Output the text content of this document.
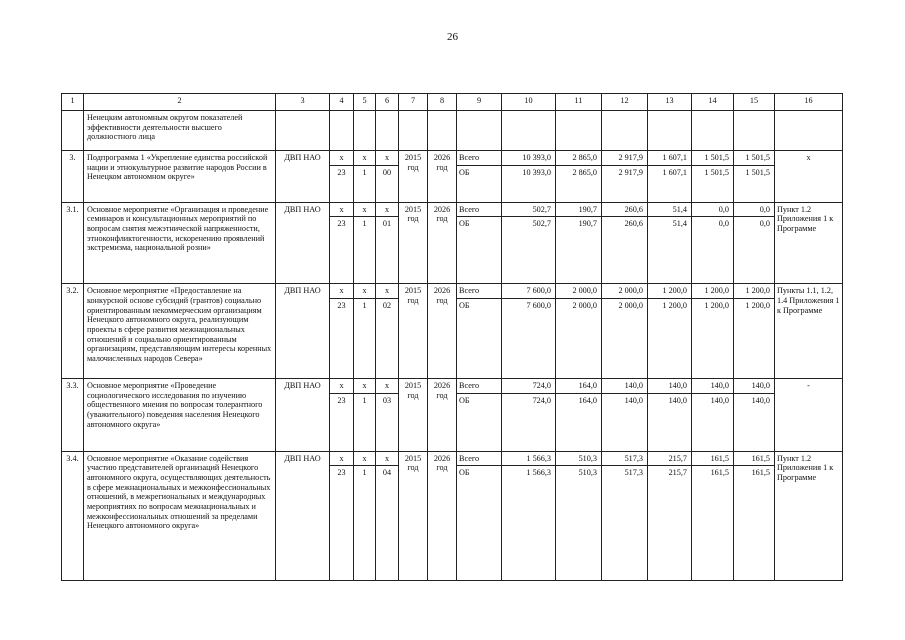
26
1	2	3	4	5	6	7	8	9	10	11	12	13	14	15	16
	Ненецким автономным округом показателей эффективности деятельности высшего должностного лица														
3.	Подпрограмма 1 «Укрепление единства российской нации и этнокультурное развитие народов России в Ненецком автономном округе»	ДВП НАО	х	х	х	2015 год	2026 год	Всего	10 393,0	2 865,0	2 917,9	1 607,1	1 501,5	1 501,5	х
			23	1	00			ОБ	10 393,0	2 865,0	2 917,9	1 607,1	1 501,5	1 501,5	
3.1.	Основное мероприятие «Организация и проведение семинаров и консультационных мероприятий по вопросам снятия межэтнической напряженности, этноконфликтогенности, искоренению проявлений экстремизма, национальной розни»	ДВП НАО	х	х	х	2015 год	2026 год	Всего	502,7	190,7	260,6	51,4	0,0	0,0	Пункт 1.2 Приложения 1 к Программе
			23	1	01			ОБ	502,7	190,7	260,6	51,4	0,0	0,0	
3.2.	Основное мероприятие «Предоставление на конкурсной основе субсидий (грантов) социально ориентированным некоммерческим организациям Ненецкого автономного округа, реализующим проекты в сфере развития межнациональных отношений и социально ориентированным организациям, представляющим интересы коренных малочисленных народов Севера»	ДВП НАО	х	х	х	2015 год	2026 год	Всего	7 600,0	2 000,0	2 000,0	1 200,0	1 200,0	1 200,0	Пункты 1.1, 1.2, 1.4 Приложения 1 к Программе
			23	1	02			ОБ	7 600,0	2 000,0	2 000,0	1 200,0	1 200,0	1 200,0	
3.3.	Основное мероприятие «Проведение социологического исследования по изучению общественного мнения по вопросам толерантного (уважительного) поведения населения Ненецкого автономного округа»	ДВП НАО	х	х	х	2015 год	2026 год	Всего	724,0	164,0	140,0	140,0	140,0	140,0	-
			23	1	03			ОБ	724,0	164,0	140,0	140,0	140,0	140,0	
3.4.	Основное мероприятие «Оказание содействия участию представителей организаций Ненецкого автономного округа, осуществляющих деятельность в сфере межнациональных и межконфессиональных отношений, в межрегиональных и международных мероприятиях по вопросам межнациональных и межконфессиональных отношений за пределами Ненецкого автономного округа»	ДВП НАО	х	х	х	2015 год	2026 год	Всего	1 566,3	510,3	517,3	215,7	161,5	161,5	Пункт 1.2 Приложения 1 к Программе
			23	1	04			ОБ	1 566,3	510,3	517,3	215,7	161,5	161,5	
